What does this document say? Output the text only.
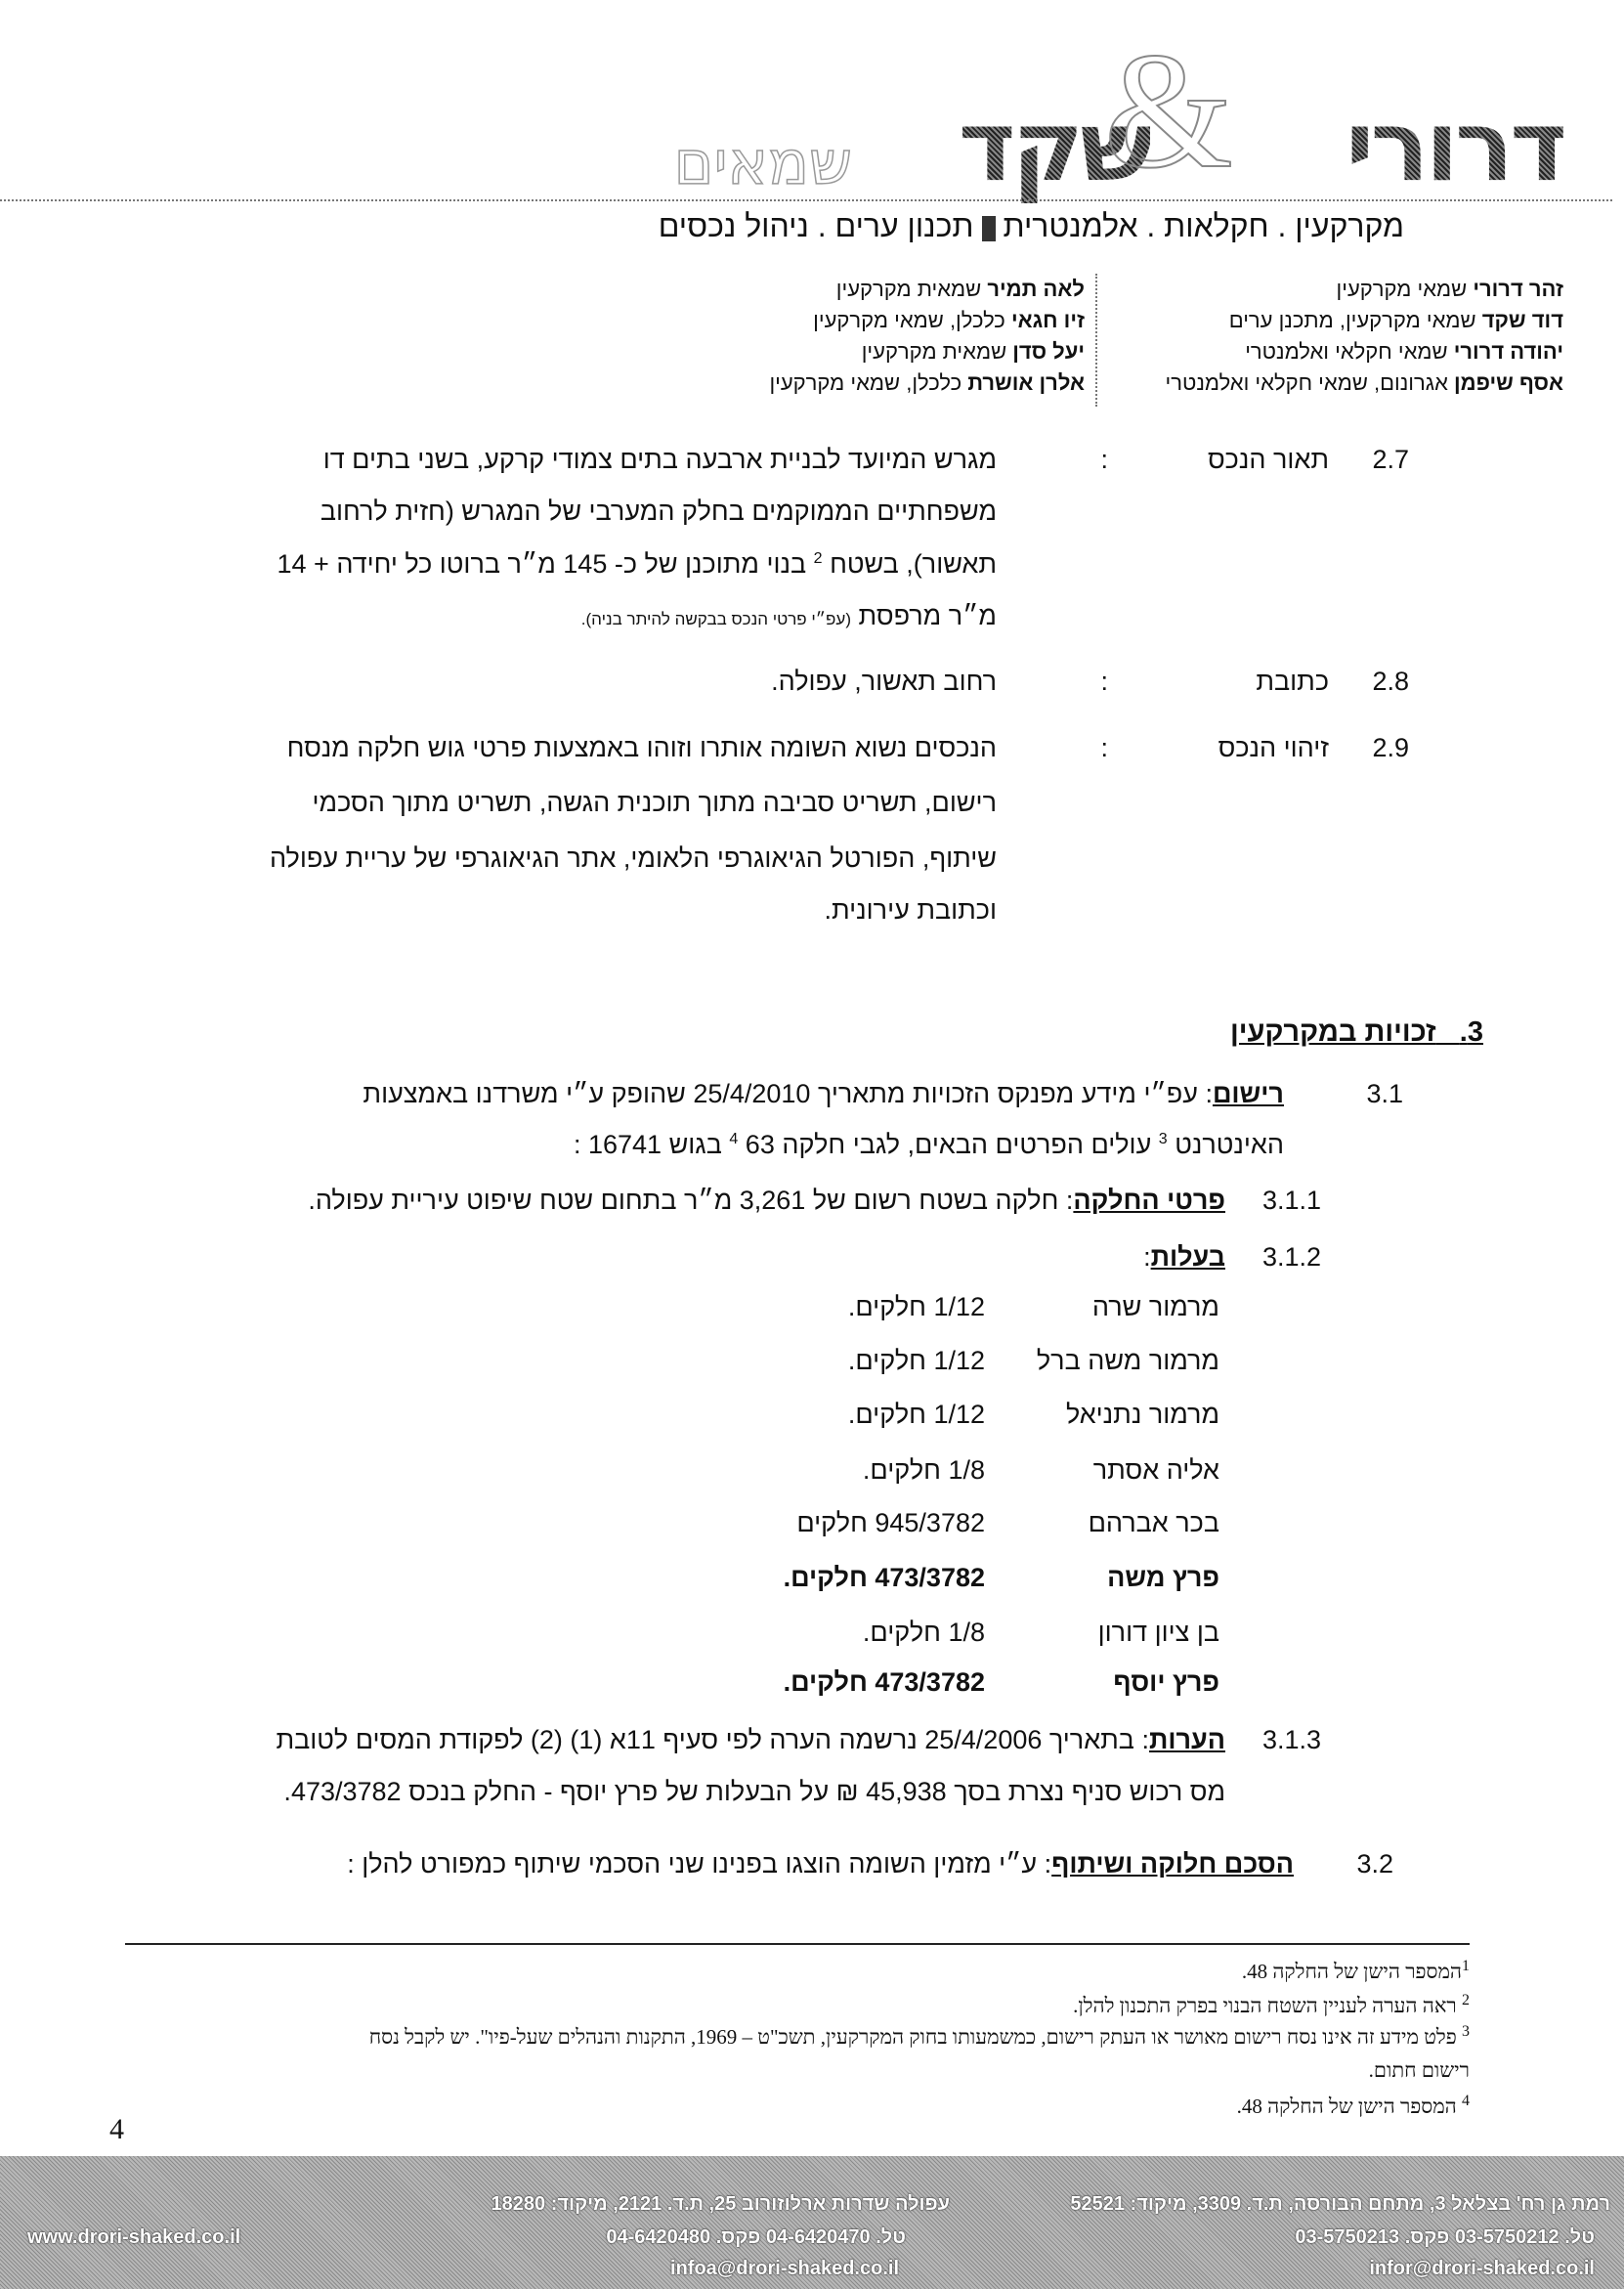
דרורישקד
&
שמאים
מקרקעין . חקלאות . אלמנטריתתכנון ערים . ניהול נכסים
זהר דרורי שמאי מקרקעין
דוד שקד שמאי מקרקעין, מתכנן ערים
יהודה דרורי שמאי חקלאי ואלמנטרי
אסף שיפמן אגרונום, שמאי חקלאי ואלמנטרי
לאה תמיר שמאית מקרקעין
זיו חגאי כלכלן, שמאי מקרקעין
יעל סדן שמאית מקרקעין
אלרן אושרת כלכלן, שמאי מקרקעין
2.7
תאור הנכס
:
מגרש המיועד לבניית ארבעה בתים צמודי קרקע, בשני בתים דו
משפחתיים הממוקמים בחלק המערבי של המגרש (חזית לרחוב
תאשור), בשטח $^2$ בנוי מתוכנן של כ- 145 מ״ר ברוטו כל יחידה + 14
מ״ר מרפסת (עפ״י פרטי הנכס בבקשה להיתר בניה).
2.8
כתובת
:
רחוב תאשור, עפולה.
2.9
זיהוי הנכס
:
הנכסים נשוא השומה אותרו וזוהו באמצעות פרטי גוש חלקה מנסח
רישום, תשריט סביבה מתוך תוכנית הגשה, תשריט מתוך הסכמי
שיתוף, הפורטל הגיאוגרפי הלאומי, אתר הגיאוגרפי של עריית עפולה
וכתובת עירונית.
3.   זכויות במקרקעין
3.1
רישום: עפ״י מידע מפנקס הזכויות מתאריך 25/4/2010 שהופק ע״י משרדנו באמצעות
האינטרנט $^3$ עולים הפרטים הבאים, לגבי חלקה 63 $^4$ בגוש 16741 :
3.1.1
פרטי החלקה: חלקה בשטח רשום של 3,261 מ״ר בתחום שטח שיפוט עיריית עפולה.
3.1.2
בעלות:
מרמור שרה
1/12 חלקים.
מרמור משה ברל
1/12 חלקים.
מרמור נתניאל
1/12 חלקים.
אליה אסתר
1/8 חלקים.
בכר אברהם
945/3782 חלקים
פרץ משה
473/3782 חלקים.
בן ציון דורון
1/8 חלקים.
פרץ יוסף
473/3782 חלקים.
3.1.3
הערות: בתאריך 25/4/2006 נרשמה הערה לפי סעיף 11א (1) (2) לפקודת המסים לטובת
מס רכוש סניף נצרת בסך 45,938 ₪ על הבעלות של פרץ יוסף - החלק בנכס 473/3782.
3.2
הסכם חלוקה ושיתוף: ע״י מזמין השומה הוצגו בפנינו שני הסכמי שיתוף כמפורט להלן :
$^1$המספר הישן של החלקה 48.
$^2$ ראה הערה לעניין השטח הבנוי בפרק התכנון להלן.
$^3$ פלט מידע זה אינו נסח רישום מאושר או העתק רישום, כמשמעותו בחוק המקרקעין, תשכ"ט – 1969, התקנות והנהלים שעל-פיו". יש לקבל נסח
רישום חתום.
$^4$ המספר הישן של החלקה 48.
4
רמת גן רח' בצלאל 3, מתחם הבורסה, ת.ד. 3309, מיקוד: 52521
טל. 03-5750212 פקס. 03-5750213
infor@drori-shaked.co.il
עפולה שדרות ארלוזורוב 25, ת.ד. 2121, מיקוד: 18280
טל. 04-6420470 פקס. 04-6420480
infoa@drori-shaked.co.il
www.drori-shaked.co.il
